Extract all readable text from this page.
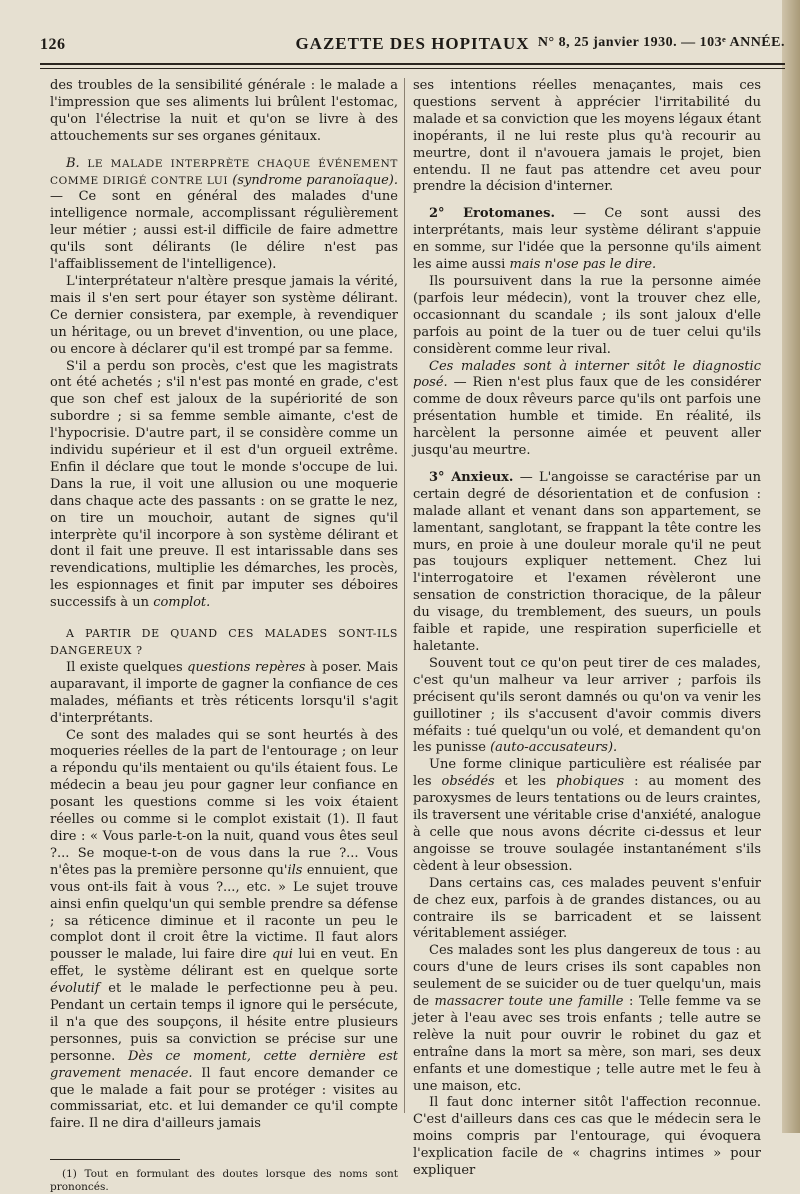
126	GAZETTE DES HOPITAUX N° 8, 25 janvier 1930. — 103ᵉ ANNÉE.

des troubles de la sensibilité générale : le malade a l'impression que ses aliments lui brûlent l'estomac, qu'on l'électrise la nuit et qu'on se livre à des attouchements sur ses organes génitaux.

B. LE MALADE INTERPRÈTE CHAQUE ÉVÉNEMENT COMME DIRIGÉ CONTRE LUI (syndrome paranoïaque). — Ce sont en général des malades d'une intelligence normale, accomplissant régulièrement leur métier ; aussi est-il difficile de faire admettre qu'ils sont délirants (le délire n'est pas l'affaiblissement de l'intelligence).

L'interprétateur n'altère presque jamais la vérité, mais il s'en sert pour étayer son système délirant. Ce dernier consistera, par exemple, à revendiquer un héritage, ou un brevet d'invention, ou une place, ou encore à déclarer qu'il est trompé par sa femme.

S'il a perdu son procès, c'est que les magistrats ont été achetés ; s'il n'est pas monté en grade, c'est que son chef est jaloux de la supériorité de son subordre ; si sa femme semble aimante, c'est de l'hypocrisie. D'autre part, il se considère comme un individu supérieur et il est d'un orgueil extrême. Enfin il déclare que tout le monde s'occupe de lui. Dans la rue, il voit une allusion ou une moquerie dans chaque acte des passants : on se gratte le nez, on tire un mouchoir, autant de signes qu'il interprète qu'il incorpore à son système délirant et dont il fait une preuve. Il est intarissable dans ses revendications, multiplie les démarches, les procès, les espionnages et finit par imputer ses déboires successifs à un complot.

A PARTIR DE QUAND CES MALADES SONT-ILS DANGEREUX ?

Il existe quelques questions repères à poser. Mais auparavant, il importe de gagner la confiance de ces malades, méfiants et très réticents lorsqu'il s'agit d'interprétants.

Ce sont des malades qui se sont heurtés à des moqueries réelles de la part de l'entourage ; on leur a répondu qu'ils mentaient ou qu'ils étaient fous. Le médecin a beau jeu pour gagner leur confiance en posant les questions comme si les voix étaient réelles ou comme si le complot existait (1). Il faut dire : « Vous parle-t-on la nuit, quand vous êtes seul ?... Se moque-t-on de vous dans la rue ?... Vous n'êtes pas la première personne qu'ils ennuient, que vous ont-ils fait à vous ?..., etc. » Le sujet trouve ainsi enfin quelqu'un qui semble prendre sa défense ; sa réticence diminue et il raconte un peu le complot dont il croit être la victime. Il faut alors pousser le malade, lui faire dire qui lui en veut. En effet, le système délirant est en quelque sorte évolutif et le malade le perfectionne peu à peu. Pendant un certain temps il ignore qui le persécute, il n'a que des soupçons, il hésite entre plusieurs personnes, puis sa conviction se précise sur une personne. Dès ce moment, cette dernière est gravement menacée. Il faut encore demander ce que le malade a fait pour se protéger : visites au commissariat, etc. et lui demander ce qu'il compte faire. Il ne dira d'ailleurs jamais

(1) Tout en formulant des doutes lorsque des noms sont prononcés.

ses intentions réelles menaçantes, mais ces questions servent à apprécier l'irritabilité du malade et sa conviction que les moyens légaux étant inopérants, il ne lui reste plus qu'à recourir au meurtre, dont il n'avouera jamais le projet, bien entendu. Il ne faut pas attendre cet aveu pour prendre la décision d'interner.

2° Erotomanes. — Ce sont aussi des interprétants, mais leur système délirant s'appuie en somme, sur l'idée que la personne qu'ils aiment les aime aussi mais n'ose pas le dire.

Ils poursuivent dans la rue la personne aimée (parfois leur médecin), vont la trouver chez elle, occasionnant du scandale ; ils sont jaloux d'elle parfois au point de la tuer ou de tuer celui qu'ils considèrent comme leur rival.

Ces malades sont à interner sitôt le diagnostic posé. — Rien n'est plus faux que de les considérer comme de doux rêveurs parce qu'ils ont parfois une présentation humble et timide. En réalité, ils harcèlent la personne aimée et peuvent aller jusqu'au meurtre.

3° Anxieux. — L'angoisse se caractérise par un certain degré de désorientation et de confusion : malade allant et venant dans son appartement, se lamentant, sanglotant, se frappant la tête contre les murs, en proie à une douleur morale qu'il ne peut pas toujours expliquer nettement. Chez lui l'interrogatoire et l'examen révèleront une sensation de constriction thoracique, de la pâleur du visage, du tremblement, des sueurs, un pouls faible et rapide, une respiration superficielle et haletante.

Souvent tout ce qu'on peut tirer de ces malades, c'est qu'un malheur va leur arriver ; parfois ils précisent qu'ils seront damnés ou qu'on va venir les guillotiner ; ils s'accusent d'avoir commis divers méfaits : tué quelqu'un ou volé, et demandent qu'on les punisse (auto-accusateurs).

Une forme clinique particulière est réalisée par les obsédés et les phobiques : au moment des paroxysmes de leurs tentations ou de leurs craintes, ils traversent une véritable crise d'anxiété, analogue à celle que nous avons décrite ci-dessus et leur angoisse se trouve soulagée instantanément s'ils cèdent à leur obsession.

Dans certains cas, ces malades peuvent s'enfuir de chez eux, parfois à de grandes distances, ou au contraire ils se barricadent et se laissent véritablement assiéger.

Ces malades sont les plus dangereux de tous : au cours d'une de leurs crises ils sont capables non seulement de se suicider ou de tuer quelqu'un, mais de massacrer toute une famille : Telle femme va se jeter à l'eau avec ses trois enfants ; telle autre se relève la nuit pour ouvrir le robinet du gaz et entraîne dans la mort sa mère, son mari, ses deux enfants et une domestique ; telle autre met le feu à une maison, etc.

Il faut donc interner sitôt l'affection reconnue. C'est d'ailleurs dans ces cas que le médecin sera le moins compris par l'entourage, qui évoquera l'explication facile de « chagrins intimes » pour expliquer
